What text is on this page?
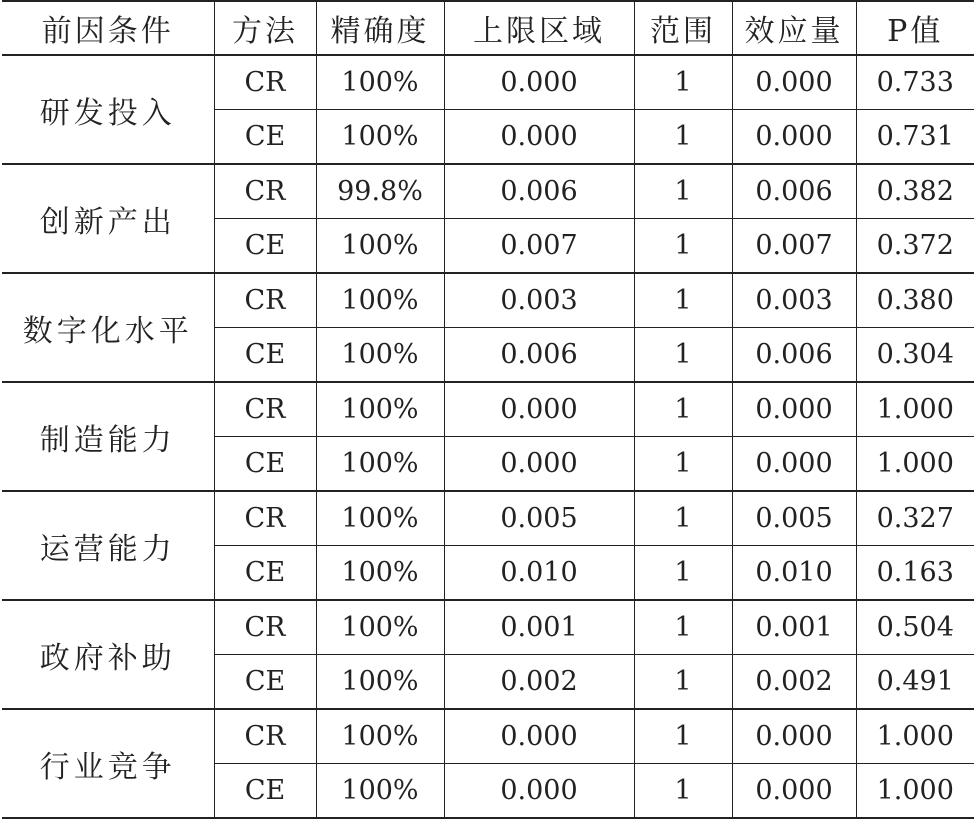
前因条件	方法	精确度	上限区域	范围	效应量	P值
研发投入	CR	100%	0.000	1	0.000	0.733
	CE	100%	0.000	1	0.000	0.731
创新产出	CR	99.8%	0.006	1	0.006	0.382
	CE	100%	0.007	1	0.007	0.372
数字化水平	CR	100%	0.003	1	0.003	0.380
	CE	100%	0.006	1	0.006	0.304
制造能力	CR	100%	0.000	1	0.000	1.000
	CE	100%	0.000	1	0.000	1.000
运营能力	CR	100%	0.005	1	0.005	0.327
	CE	100%	0.010	1	0.010	0.163
政府补助	CR	100%	0.001	1	0.001	0.504
	CE	100%	0.002	1	0.002	0.491
行业竞争	CR	100%	0.000	1	0.000	1.000
	CE	100%	0.000	1	0.000	1.000
